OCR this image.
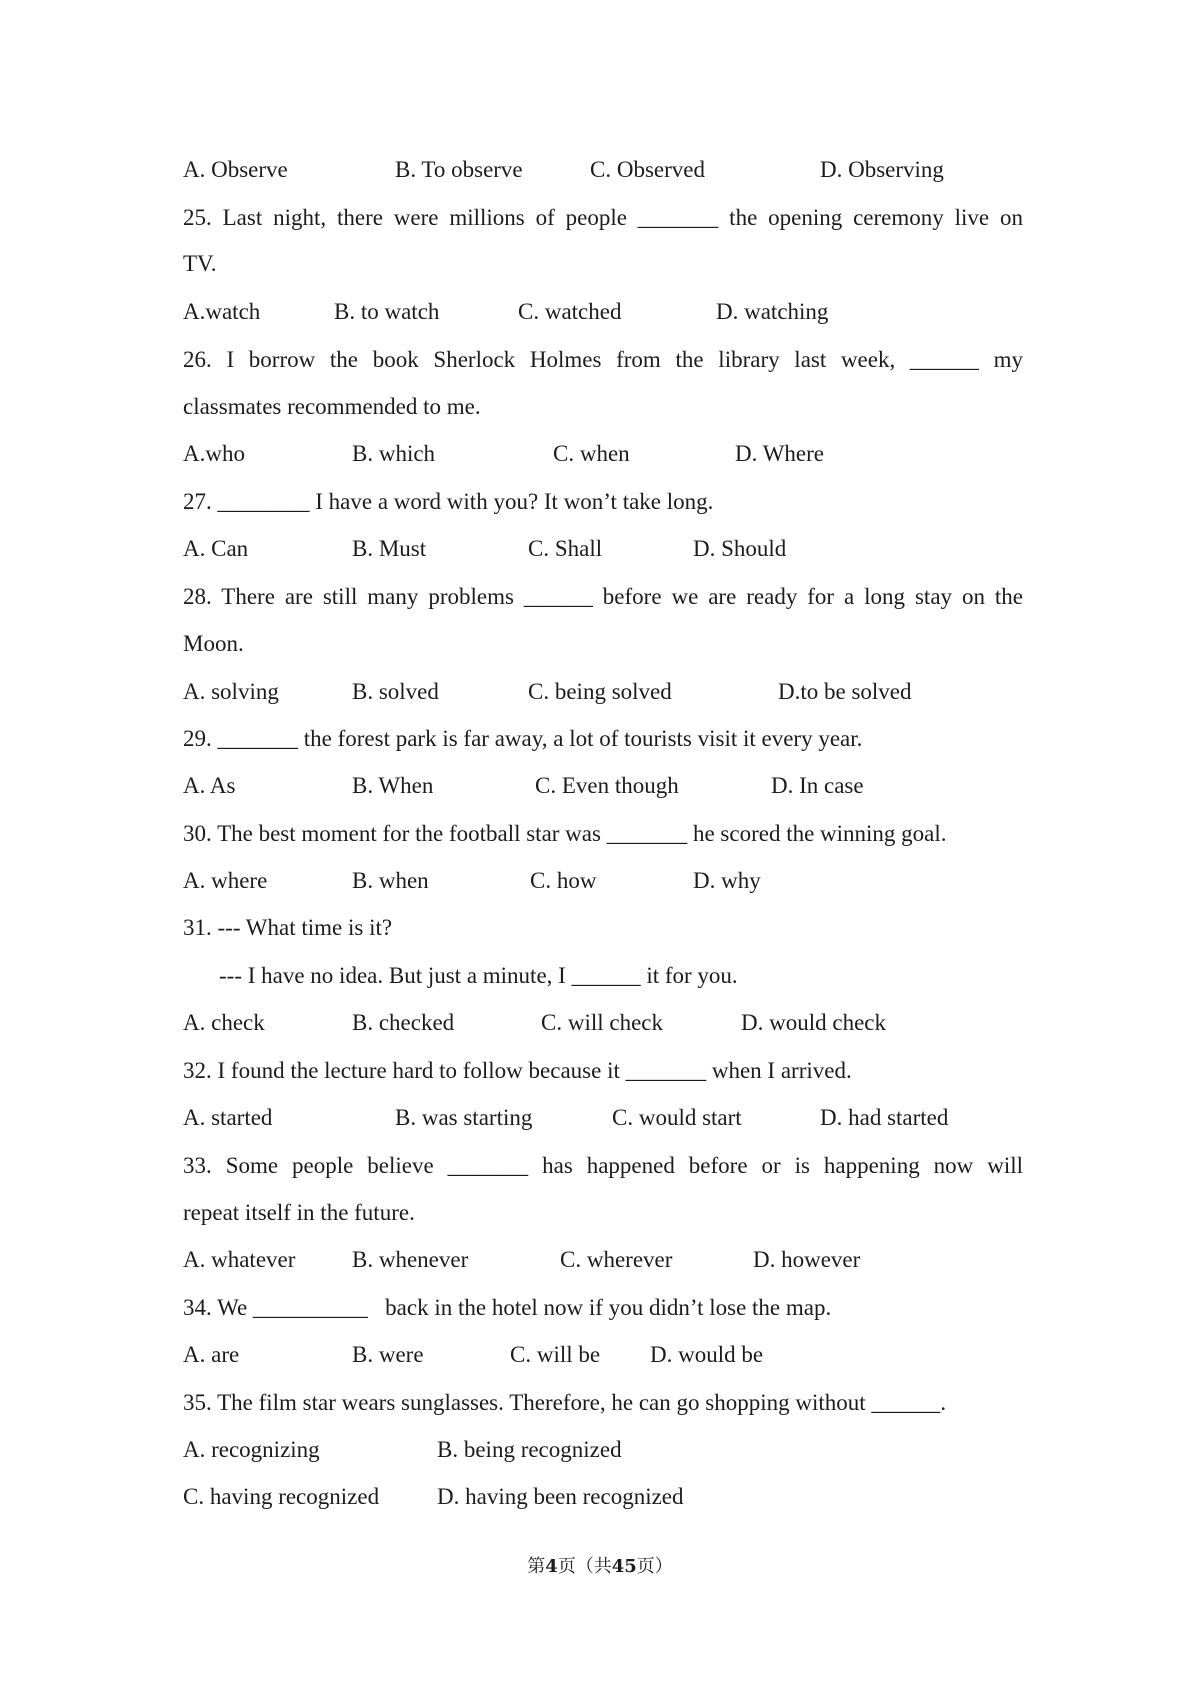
A. Observe	B. To observe	C. Observed	D. Observing
25. Last night, there were millions of people _______ the opening ceremony live on
TV.
A.watch	B. to watch	C. watched	D. watching
26. I borrow the book Sherlock Holmes from the library last week, ______ my
classmates recommended to me.
A.who	B. which	C. when	D. Where
27. ________ I have a word with you? It won’t take long.
A. Can	B. Must	C. Shall	D. Should
28. There are still many problems ______ before we are ready for a long stay on the
Moon.
A. solving	B. solved	C. being solved	D.to be solved
29. _______ the forest park is far away, a lot of tourists visit it every year.
A. As	B. When	C. Even though	D. In case
30. The best moment for the football star was _______ he scored the winning goal.
A. where	B. when	C. how	D. why
31. --- What time is it?
--- I have no idea. But just a minute, I ______ it for you.
A. check	B. checked	C. will check	D. would check
32. I found the lecture hard to follow because it _______ when I arrived.
A. started	B. was starting	C. would start	D. had started
33. Some people believe _______ has happened before or is happening now will
repeat itself in the future.
A. whatever B. whenever	C. wherever	D. however
34. We __________   back in the hotel now if you didn’t lose the map.
A. are	B. were	C. will be D. would be
35. The film star wears sunglasses. Therefore, he can go shopping without ______.
A. recognizing	B. being recognized
C. having recognized	D. having been recognized
第4页（共45页）
